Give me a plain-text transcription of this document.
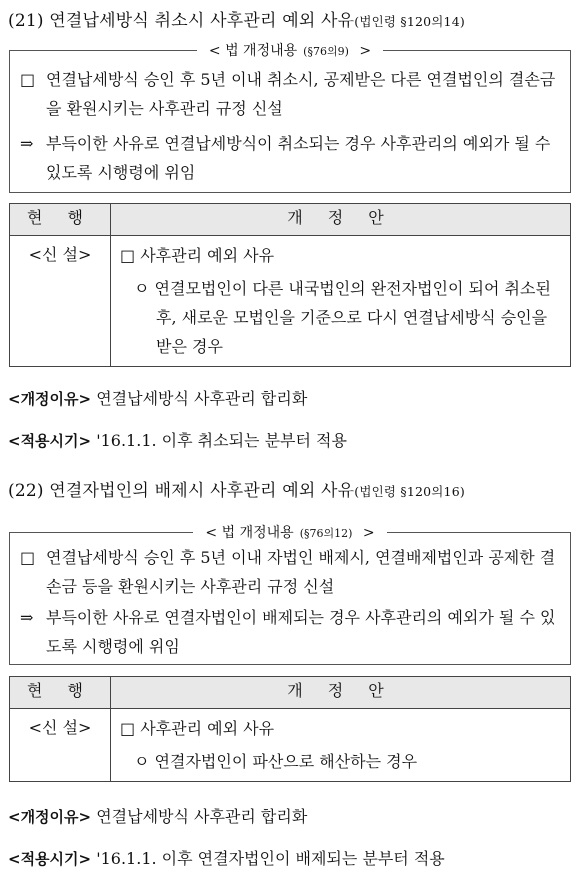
(21) 연결납세방식 취소시 사후관리 예외 사유(법인령 §120의14)
< 법 개정내용 (§76의9) >
□ 연결납세방식 승인 후 5년 이내 취소시, 공제받은 다른 연결법인의 결손금을 환원시키는 사후관리 규정 신설
⇒ 부득이한 사유로 연결납세방식이 취소되는 경우 사후관리의 예외가 될 수 있도록 시행령에 위임
현 행	개 정 안
<신 설>	□ 사후관리 예외 사유
ㅇ 연결모법인이 다른 내국법인의 완전자법인이 되어 취소된 후, 새로운 모법인을 기준으로 다시 연결납세방식 승인을 받은 경우
<개정이유> 연결납세방식 사후관리 합리화
<적용시기> '16.1.1. 이후 취소되는 분부터 적용
(22) 연결자법인의 배제시 사후관리 예외 사유(법인령 §120의16)
< 법 개정내용 (§76의12) >
□ 연결납세방식 승인 후 5년 이내 자법인 배제시, 연결배제법인과 공제한 결손금 등을 환원시키는 사후관리 규정 신설
⇒ 부득이한 사유로 연결자법인이 배제되는 경우 사후관리의 예외가 될 수 있도록 시행령에 위임
현 행	개 정 안
<신 설>	□ 사후관리 예외 사유
ㅇ 연결자법인이 파산으로 해산하는 경우
<개정이유> 연결납세방식 사후관리 합리화
<적용시기> '16.1.1. 이후 연결자법인이 배제되는 분부터 적용
